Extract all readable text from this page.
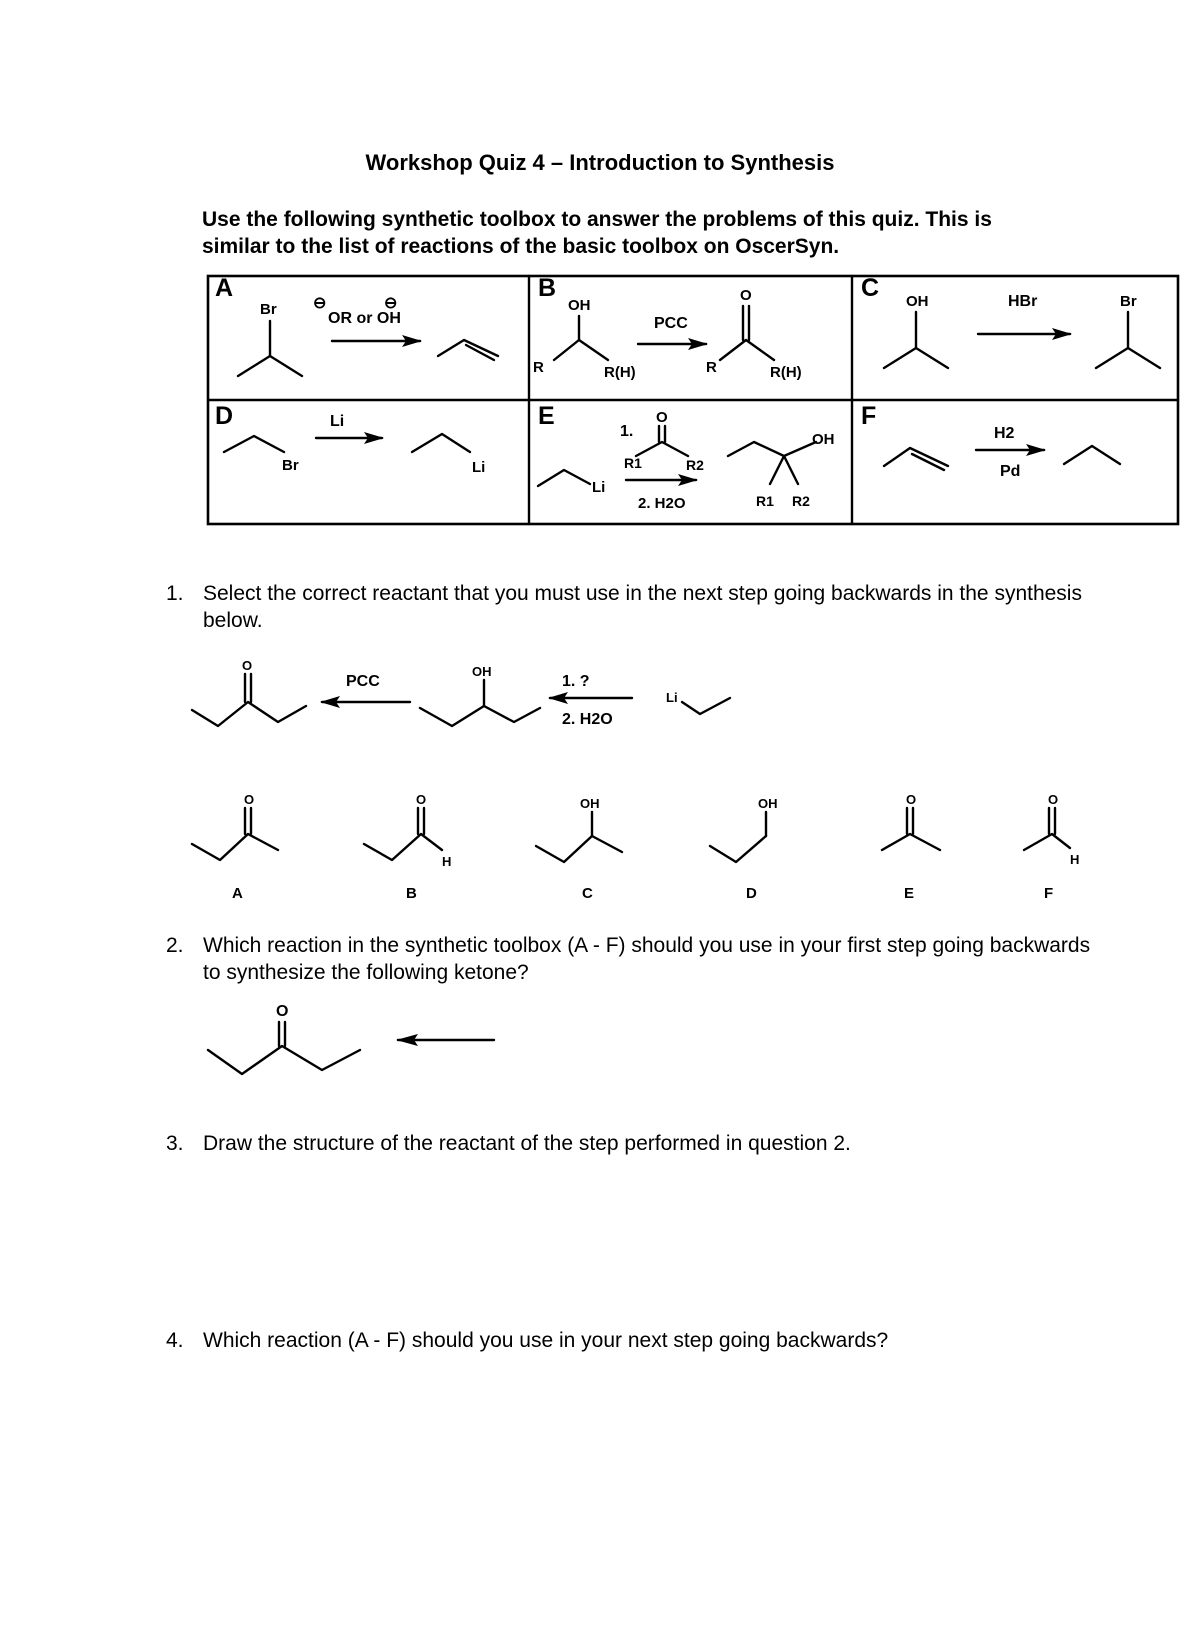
Workshop Quiz 4 – Introduction to Synthesis

Use the following synthetic toolbox to answer the problems of this quiz. This is similar to the list of reactions of the basic toolbox on OscerSyn.

Br
OR or OH
⊖	⊖	OH
R	R(H)
PCC
O
R	R(H)
OH	HBr	Br
Br
Li
Li
1.
O
R1	R2
Li
2. H2O
OH
R1 R2
H2
Pd
A	B	C
D	E	F
1. Select the correct reactant that you must use in the next step going backwards in the synthesis below.
O
PCC
OH
1. ?
2. H2O
Li
O
A
O
H
B
OH
C
OH
D
O
E
O
H
F
2. Which reaction in the synthetic toolbox (A - F) should you use in your first step going backwards to synthesize the following ketone?
O
3. Draw the structure of the reactant of the step performed in question 2.
4. Which reaction (A - F) should you use in your next step going backwards?
